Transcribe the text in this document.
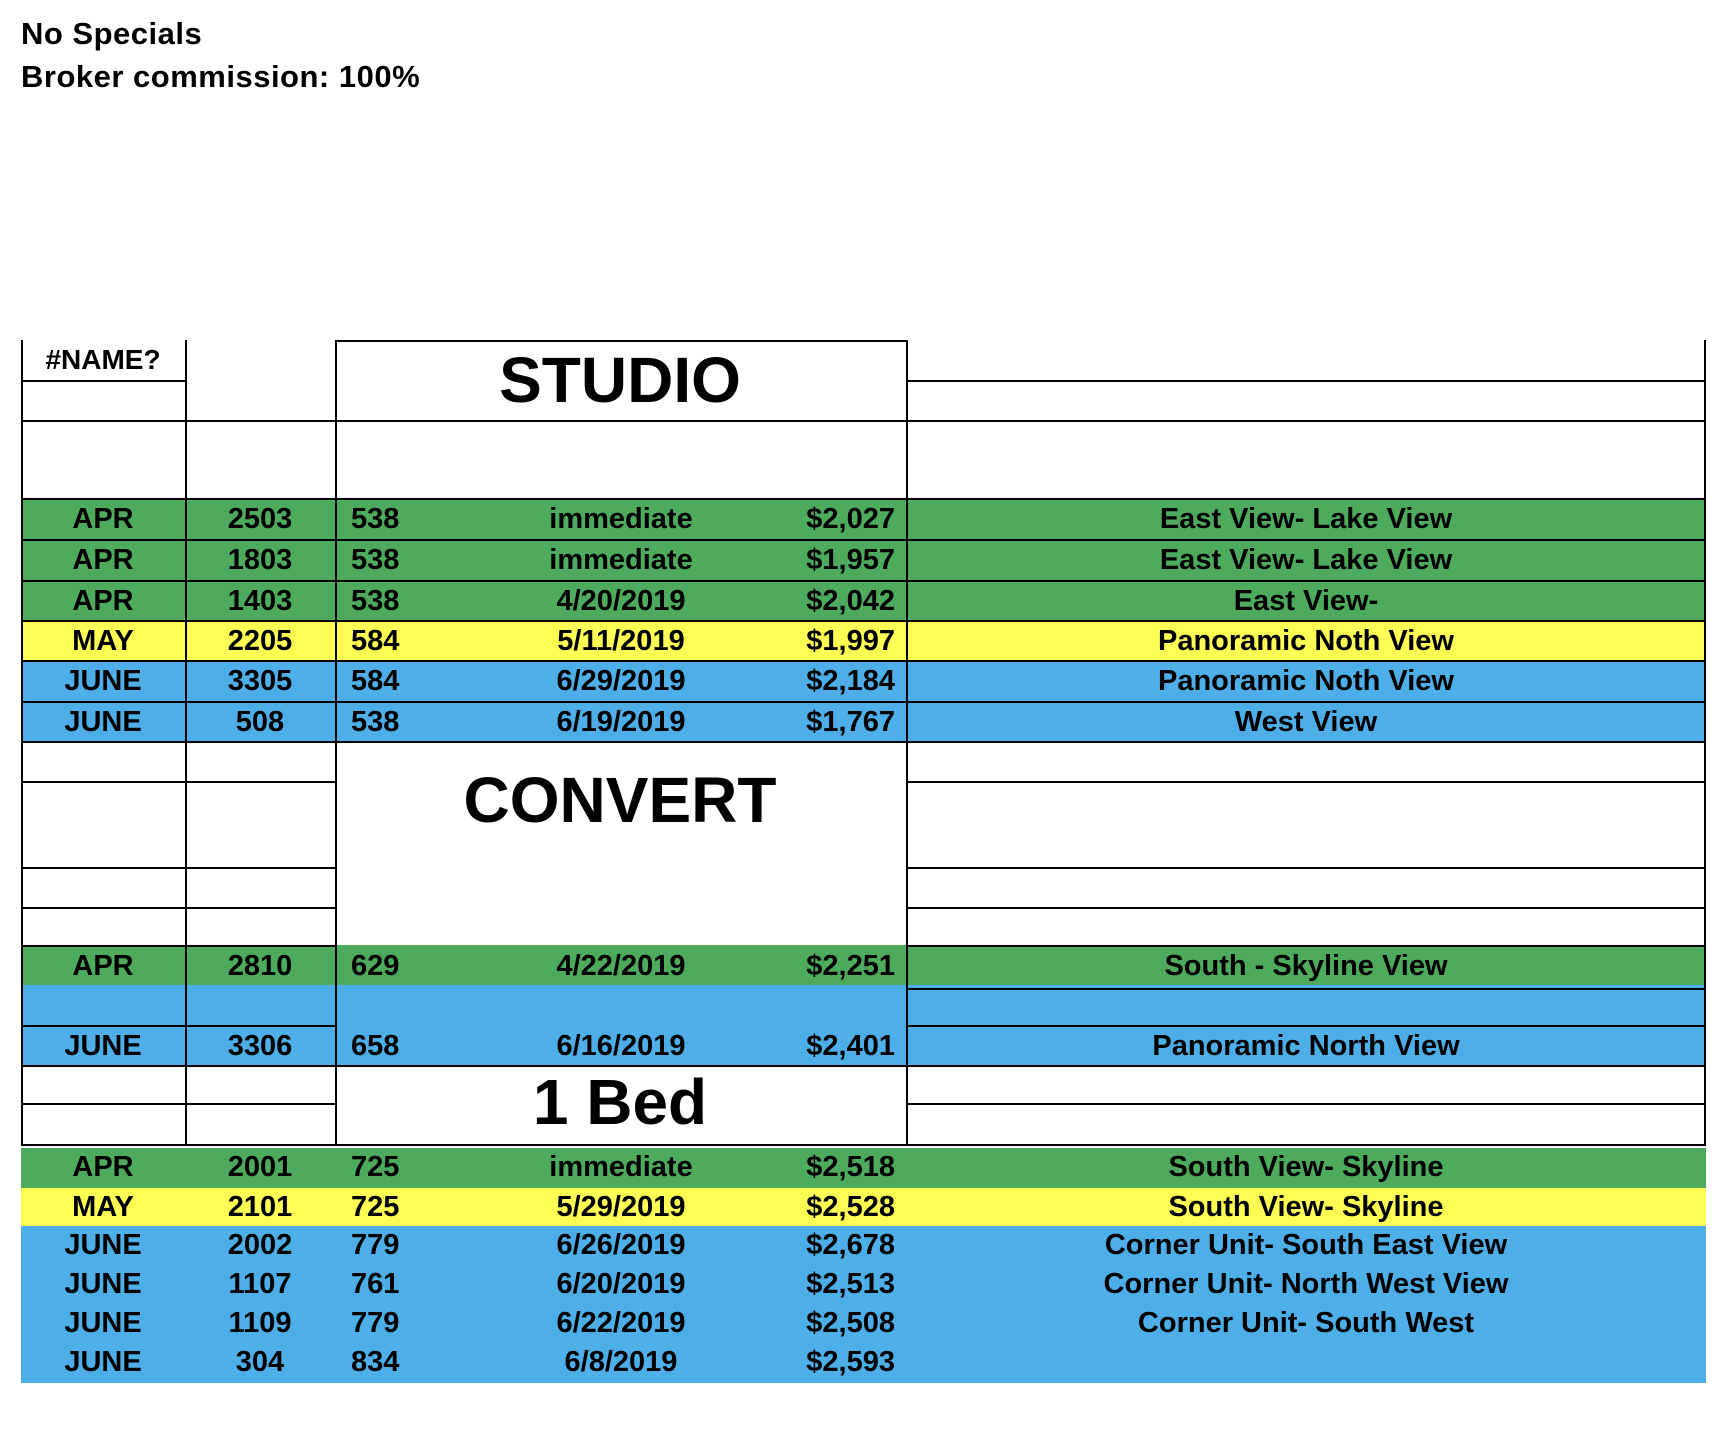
No Specials
Broker commission: 100%
#NAME?	STUDIO
CONVERT
1 Bed
APR	2503	538	immediate	$2,027	East View- Lake View
APR	1803	538	immediate	$1,957	East View- Lake View
APR	1403	538	4/20/2019	$2,042	East View-
MAY	2205	584	5/11/2019	$1,997	Panoramic Noth View
JUNE	3305	584	6/29/2019	$2,184	Panoramic Noth View
JUNE	508	538	6/19/2019	$1,767	West View
APR	2810	629	4/22/2019	$2,251	South - Skyline View
JUNE	3306	658	6/16/2019	$2,401	Panoramic North View
APR	2001	725	immediate	$2,518	South View- Skyline
MAY	2101	725	5/29/2019	$2,528	South View- Skyline
JUNE	2002	779	6/26/2019	$2,678	Corner Unit- South East View
JUNE	1107	761	6/20/2019	$2,513	Corner Unit- North West View
JUNE	1109	779	6/22/2019	$2,508	Corner Unit- South West
JUNE	304	834	6/8/2019	$2,593
